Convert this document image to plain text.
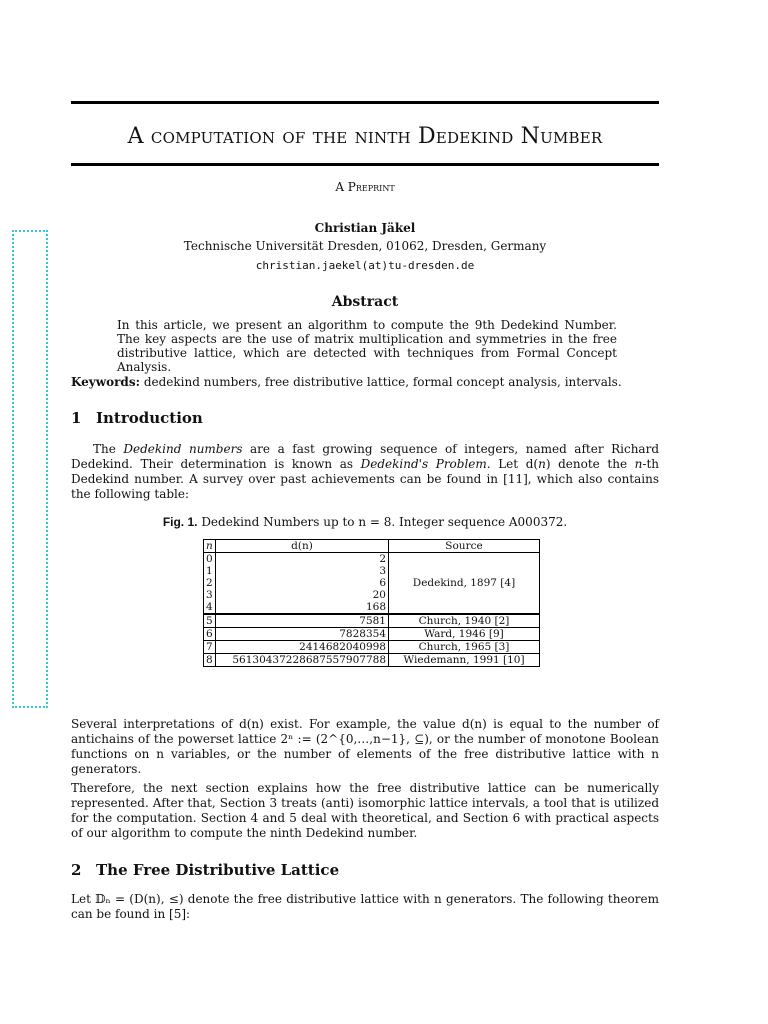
A computation of the ninth Dedekind Number
A Preprint
Christian Jäkel
Technische Universität Dresden, 01062, Dresden, Germany
christian.jaekel(at)tu-dresden.de
Abstract
In this article, we present an algorithm to compute the 9th Dedekind Number. The key aspects are the use of matrix multiplication and symmetries in the free distributive lattice, which are detected with techniques from Formal Concept Analysis.
Keywords: dedekind numbers, free distributive lattice, formal concept analysis, intervals.
1 Introduction
The Dedekind numbers are a fast growing sequence of integers, named after Richard Dedekind. Their determination is known as Dedekind's Problem. Let d(n) denote the n-th Dedekind number. A survey over past achievements can be found in [11], which also contains the following table:
Fig. 1. Dedekind Numbers up to n = 8. Integer sequence A000372.
n	d(n)	Source
0	2	Dedekind, 1897 [4]
1	3	
2	6	
3	20	
4	168	
5	7581	Church, 1940 [2]
6	7828354	Ward, 1946 [9]
7	2414682040998	Church, 1965 [3]
8	56130437228687557907788	Wiedemann, 1991 [10]
Several interpretations of d(n) exist. For example, the value d(n) is equal to the number of antichains of the powerset lattice 2ⁿ := (2^{0,…,n−1}, ⊆), or the number of monotone Boolean functions on n variables, or the number of elements of the free distributive lattice with n generators.
Therefore, the next section explains how the free distributive lattice can be numerically represented. After that, Section 3 treats (anti) isomorphic lattice intervals, a tool that is utilized for the computation. Section 4 and 5 deal with theoretical, and Section 6 with practical aspects of our algorithm to compute the ninth Dedekind number.
2 The Free Distributive Lattice
Let 𝔻ₙ = (D(n), ≤) denote the free distributive lattice with n generators. The following theorem can be found in [5]:
